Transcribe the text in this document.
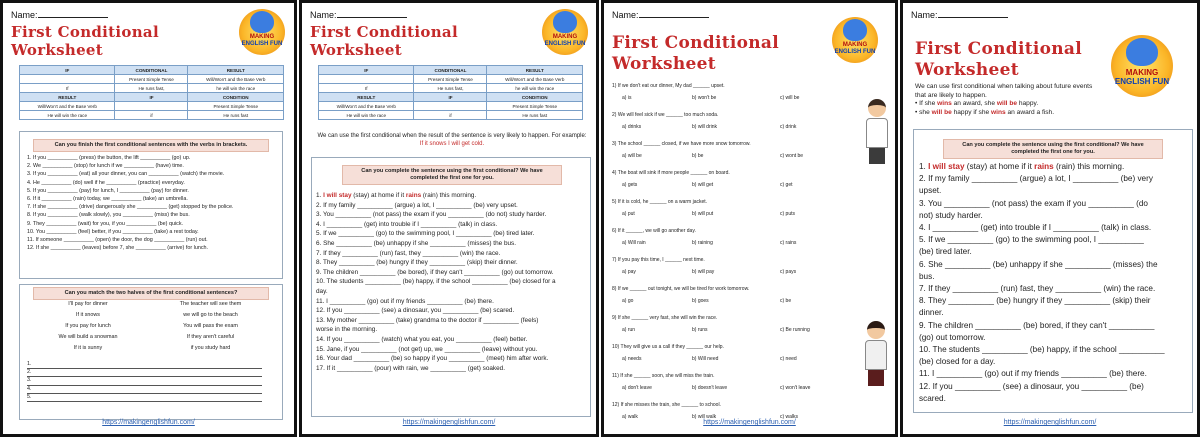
Name:
First Conditional
Worksheet
MAKING
ENGLISH FUN
IF	CONDITIONAL	RESULT
	Present Simple Tense	Will/Won't and the Base Verb
If	He runs fast,	he will win the race
RESULT	IF	CONDITION
Will/Won't and the Base Verb		Present Simple Tense
He will win the race	if	He runs fast
Can you finish the first conditional sentences with the verbs in brackets.
1. If you __________ (press) the button, the lift __________ (go) up.
2. We __________ (stop) for lunch if we __________ (have) time.
3. If you __________ (eat) all your dinner, you can __________ (watch) the movie.
4. He __________ (do) well if he __________ (practice) everyday.
5. If you __________ (pay) for lunch, I __________ (pay) for dinner.
6. If it __________ (rain) today, we __________ (take) an umbrella.
7. If she __________ (drive) dangerously she __________ (get) stopped by the police.
8. If you __________ (walk slowly), you __________ (miss) the bus.
9. They __________ (wait) for you, if you __________ (be) quick.
10. You __________ (feel) better, if you __________ (take) a rest today.
11. If someone __________ (open) the door, the dog __________ (run) out.
12. If she __________ (leaves) before 7, she __________ (arrive) for lunch.
Can you match the two halves of the first conditional sentences?
I'll pay for dinner
If it snows
If you pay for lunch
We will build a snowman
If it is sunny
The teacher will see them
we will go to the beach
You will pass the exam
If they aren't careful
if you study hard
1.
2.
3.
4.
5.
https://makingenglishfun.com/
Name:
First Conditional
Worksheet
MAKING
ENGLISH FUN
IF	CONDITIONAL	RESULT
	Present Simple Tense	Will/Won't and the Base Verb
If	He runs fast,	he will win the race
RESULT	IF	CONDITION
Will/Won't and the Base Verb		Present Simple Tense
He will win the race	if	He runs fast
We can use the first conditional when the result of the sentence is very likely to happen. For example:
If it snows I will get cold.
Can you complete the sentence using the first conditional? We have completed the first one for you.
1. I will stay (stay) at home if it rains (rain) this morning.
2. If my family __________ (argue) a lot, I __________ (be) very upset.
3. You __________ (not pass) the exam if you __________ (do not) study harder.
4. I __________ (get) into trouble if I __________ (talk) in class.
5. If we __________ (go) to the swimming pool, I __________ (be) tired later.
6. She __________ (be) unhappy if she __________ (misses) the bus.
7. If they __________ (run) fast, they __________ (win) the race.
8. They __________ (be) hungry if they __________ (skip) their dinner.
9. The children __________ (be bored), if they can't __________ (go) out tomorrow.
10. The students __________ (be) happy, if the school __________ (be) closed for a
day.
11. I __________ (go) out if my friends __________ (be) there.
12. If you __________ (see) a dinosaur, you __________ (be) scared.
13. My mother __________ (take) grandma to the doctor if __________ (feels)
worse in the morning.
14. If you __________ (watch) what you eat, you __________ (feel) better.
15. Jane, if you __________ (not get) up, we __________ (leave) without you.
16. Your dad __________ (be) so happy if you __________ (meet) him after work.
17. If it __________ (pour) with rain, we __________ (get) soaked.
https://makingenglishfun.com/
Name:
First Conditional
Worksheet
MAKING
ENGLISH FUN
1) If we don't eat our dinner, My dad ______ upset.
a) is	b) won't be	c) will be
2) We will feel sick if we ______ too much soda.
a) drinks	b) will drink	c) drink
3) The school ______ closed, if we have more snow tomorrow.
a) will be	b) be	c) wont be
4) The boat will sink if more people ______ on board.
a) gets	b) will get	c) get
5) If it is cold, he ______ on a warm jacket.
a) put	b) will put	c) puts
6) If it ______, we will go another day.
a) Will rain	b) raining	c) rains
7) If you pay this time, I ______ next time.
a) pay	b) will pay	c) pays
8) If we ______ out tonight, we will be tired for work tomorrow.
a) go	b) goes	c) be
9) If she ______ very fast, she will win the race.
a) run	b) runs	c) Be running
10) They will give us a call if they ______ our help.
a) needs	b) Will need	c) need
11) If she ______ soon, she will miss the train.
a) don't leave	b) doesn't leave	c) won't leave
12) If she misses the train, she ______ to school.
a) walk	b) will walk	c) walks
https://makingenglishfun.com/
Name:
First Conditional
Worksheet	MAKING
ENGLISH FUN
We can use first conditional when talking about future events that are likely to happen.
• If she wins an award, she will be happy.
• she will be happy if she wins an award a fish.
Can you complete the sentence using the first conditional? We have completed the first one for you.
1. I will stay (stay) at home if it rains (rain) this morning.
2. If my family __________ (argue) a lot, I __________ (be) very
upset.
3. You __________ (not pass) the exam if you __________ (do
not) study harder.
4. I __________ (get) into trouble if I __________ (talk) in class.
5. If we __________ (go) to the swimming pool, I __________
(be) tired later.
6. She __________ (be) unhappy if she __________ (misses) the
bus.
7. If they __________ (run) fast, they __________ (win) the race.
8. They __________ (be) hungry if they __________ (skip) their
dinner.
9. The children __________ (be) bored, if they can't __________
(go) out tomorrow.
10. The students __________ (be) happy, if the school __________
(be) closed for a day.
11. I __________ (go) out if my friends __________ (be) there.
12. If you __________ (see) a dinosaur, you __________ (be)
scared.
https://makingenglishfun.com/
